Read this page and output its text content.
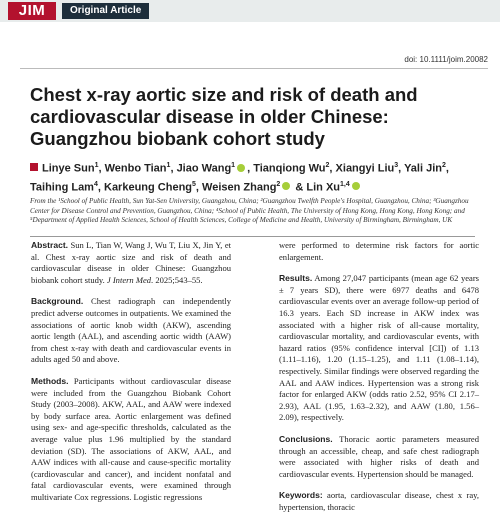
JIM	Original Article
doi: 10.1111/joim.20082
Chest x-ray aortic size and risk of death and cardiovascular disease in older Chinese: Guangzhou biobank cohort study
Linye Sun$^1$, Wenbo Tian$^1$, Jiao Wang$^1$ , Tianqiong Wu$^2$, Xiangyi Liu$^3$, Yali Jin$^2$, Taihing Lam$^4$, Karkeung Cheng$^5$, Weisen Zhang$^2$ & Lin Xu$^{1,4}$
From the ¹School of Public Health, Sun Yat-Sen University, Guangzhou, China; ²Guangzhou Twelfth People's Hospital, Guangzhou, China; ³Guangzhou Center for Disease Control and Prevention, Guangzhou, China; ⁴School of Public Health, The University of Hong Kong, Hong Kong, Hong Kong; and ⁵Department of Applied Health Sciences, School of Health Sciences, College of Medicine and Health, University of Birmingham, Birmingham, UK

Abstract. Sun L, Tian W, Wang J, Wu T, Liu X, Jin Y, et al. Chest x-ray aortic size and risk of death and cardiovascular disease in older Chinese: Guangzhou biobank cohort study. J Intern Med. 2025;543–55.

Background. Chest radiograph can independently predict adverse outcomes in outpatients. We examined the associations of aortic knob width (AKW), ascending aortic length (AAL), and ascending aortic width (AAW) from chest x-ray with death and cardiovascular events in adults aged 50 and above.

Methods. Participants without cardiovascular disease were included from the Guangzhou Biobank Cohort Study (2003–2008). AKW, AAL, and AAW were indexed by body surface area. Aortic enlargement was defined using sex- and age-specific thresholds, calculated as the average value plus 1.96 multiplied by the standard deviation (SD). The associations of AKW, AAL, and AAW indices with all-cause and cause-specific mortality (cardiovascular and cancer), and incident nonfatal and fatal cardiovascular events, were examined through multivariate Cox regressions. Logistic regressions

were performed to determine risk factors for aortic enlargement.

Results. Among 27,047 participants (mean age 62 years ± 7 years SD), there were 6977 deaths and 6478 cardiovascular events over an average follow-up period of 16.3 years. Each SD increase in AKW index was associated with a higher risk of all-cause mortality, cardiovascular mortality, and cardiovascular events, with hazard ratios (95% confidence interval [CI]) of 1.13 (1.11–1.16), 1.20 (1.15–1.25), and 1.11 (1.08–1.14), respectively. Similar findings were observed regarding the AAL and AAW indices. Hypertension was a strong risk factor for enlarged AKW (odds ratio 2.52, 95% CI 2.17–2.93), AAL (1.95, 1.63–2.32), and AAW (1.80, 1.56–2.09), respectively.

Conclusions. Thoracic aortic parameters measured through an accessible, cheap, and safe chest radiograph were associated with higher risks of death and cardiovascular events. Hypertension should be managed.

Keywords: aorta, cardiovascular disease, chest x ray, hypertension, thoracic
